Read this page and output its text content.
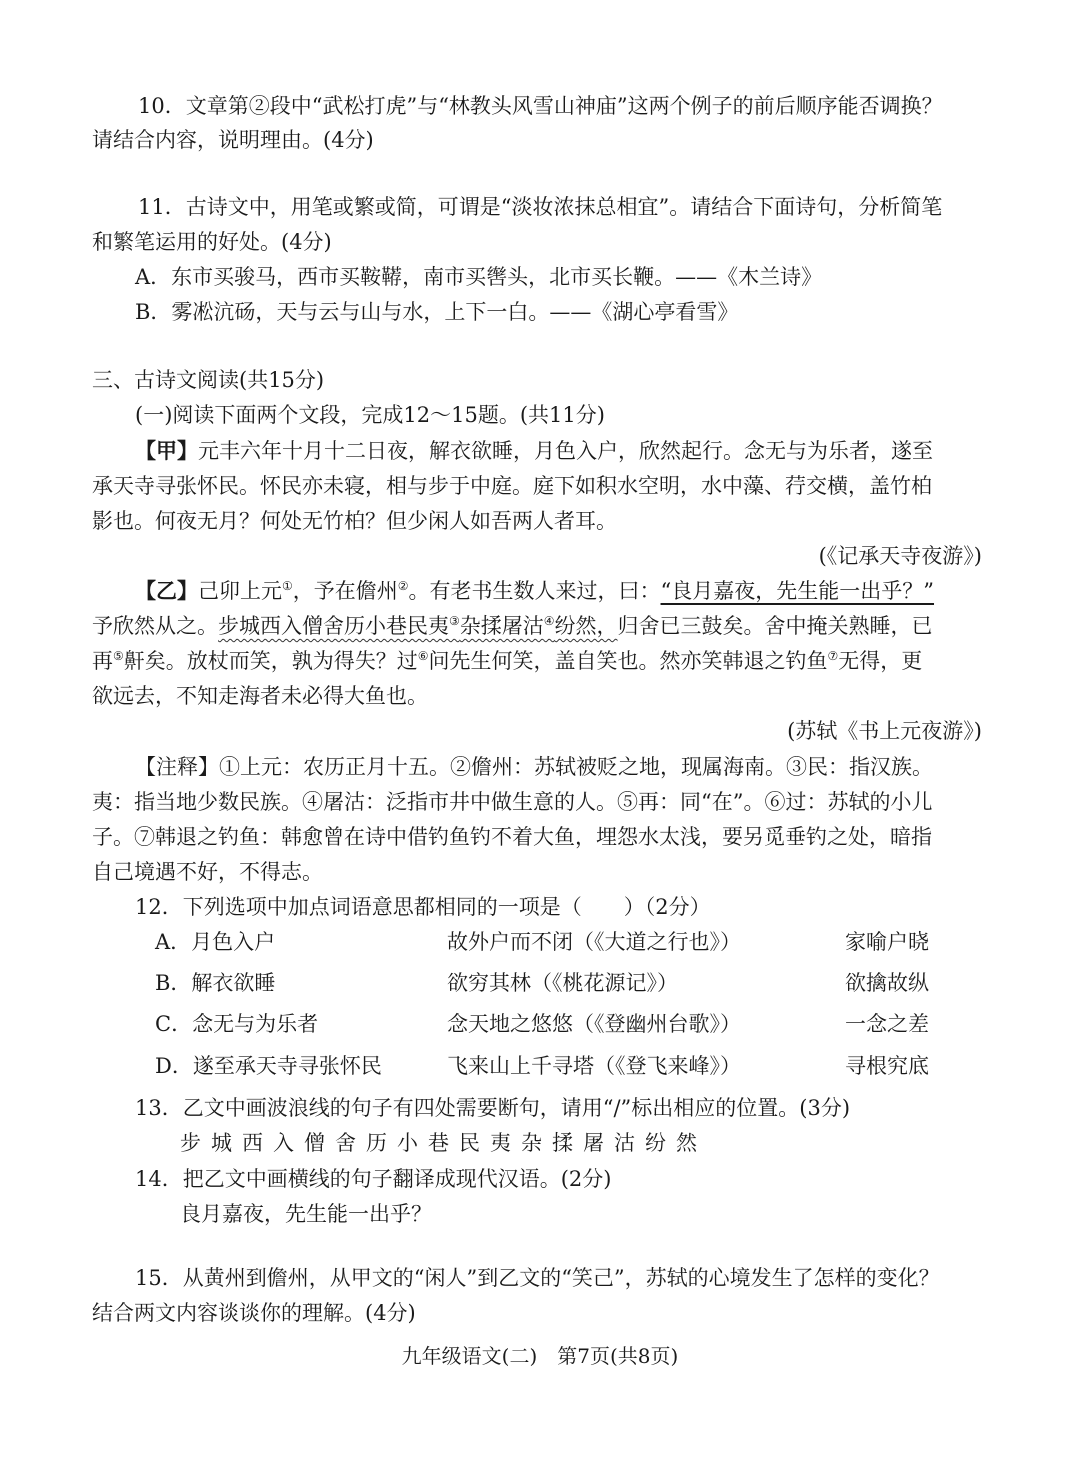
10．文章第②段中“武松打虎”与“林教头风雪山神庙”这两个例子的前后顺序能否调换？
请结合内容，说明理由。(4分)
11．古诗文中，用笔或繁或简，可谓是“淡妆浓抹总相宜”。请结合下面诗句，分析简笔
和繁笔运用的好处。(4分)
A．东市买骏马，西市买鞍鞯，南市买辔头，北市买长鞭。——《木兰诗》
B．雾凇沆砀，天与云与山与水，上下一白。——《湖心亭看雪》
三、古诗文阅读(共15分)
(一)阅读下面两个文段，完成12～15题。(共11分)
【甲】元丰六年十月十二日夜，解衣欲睡，月色入户，欣然起行。念无与为乐者，遂至
承天寺寻张怀民。怀民亦未寝，相与步于中庭。庭下如积水空明，水中藻、荇交横，盖竹柏
影也。何夜无月？何处无竹柏？但少闲人如吾两人者耳。
(《记承天寺夜游》)
【乙】己卯上元①，予在儋州②。有老书生数人来过，曰：“良月嘉夜，先生能一出乎？”
予欣然从之。步城西入僧舍历小巷民夷③杂揉屠沽④纷然，归舍已三鼓矣。舍中掩关熟睡，已
再⑤鼾矣。放杖而笑，孰为得失？过⑥问先生何笑，盖自笑也。然亦笑韩退之钓鱼⑦无得，更
欲远去，不知走海者未必得大鱼也。
(苏轼《书上元夜游》)
【注释】①上元：农历正月十五。②儋州：苏轼被贬之地，现属海南。③民：指汉族。
夷：指当地少数民族。④屠沽：泛指市井中做生意的人。⑤再：同“在”。⑥过：苏轼的小儿
子。⑦韩退之钓鱼：韩愈曾在诗中借钓鱼钓不着大鱼，埋怨水太浅，要另觅垂钓之处，暗指
自己境遇不好，不得志。
12．下列选项中加点词语意思都相同的一项是（　　）（2分）
A．月色入户	故外户而不闭（《大道之行也》）	家喻户晓
B．解衣欲睡	欲穷其林（《桃花源记》）	欲擒故纵
C．念无与为乐者	念天地之悠悠（《登幽州台歌》）	一念之差
D．遂至承天寺寻张怀民	飞来山上千寻塔（《登飞来峰》）	寻根究底
13．乙文中画波浪线的句子有四处需要断句，请用“/”标出相应的位置。(3分)
步城西入僧舍历小巷民夷杂揉屠沽纷然
14．把乙文中画横线的句子翻译成现代汉语。(2分)
良月嘉夜，先生能一出乎？
15．从黄州到儋州，从甲文的“闲人”到乙文的“笑己”，苏轼的心境发生了怎样的变化？
结合两文内容谈谈你的理解。(4分)
九年级语文(二)　第7页(共8页)
